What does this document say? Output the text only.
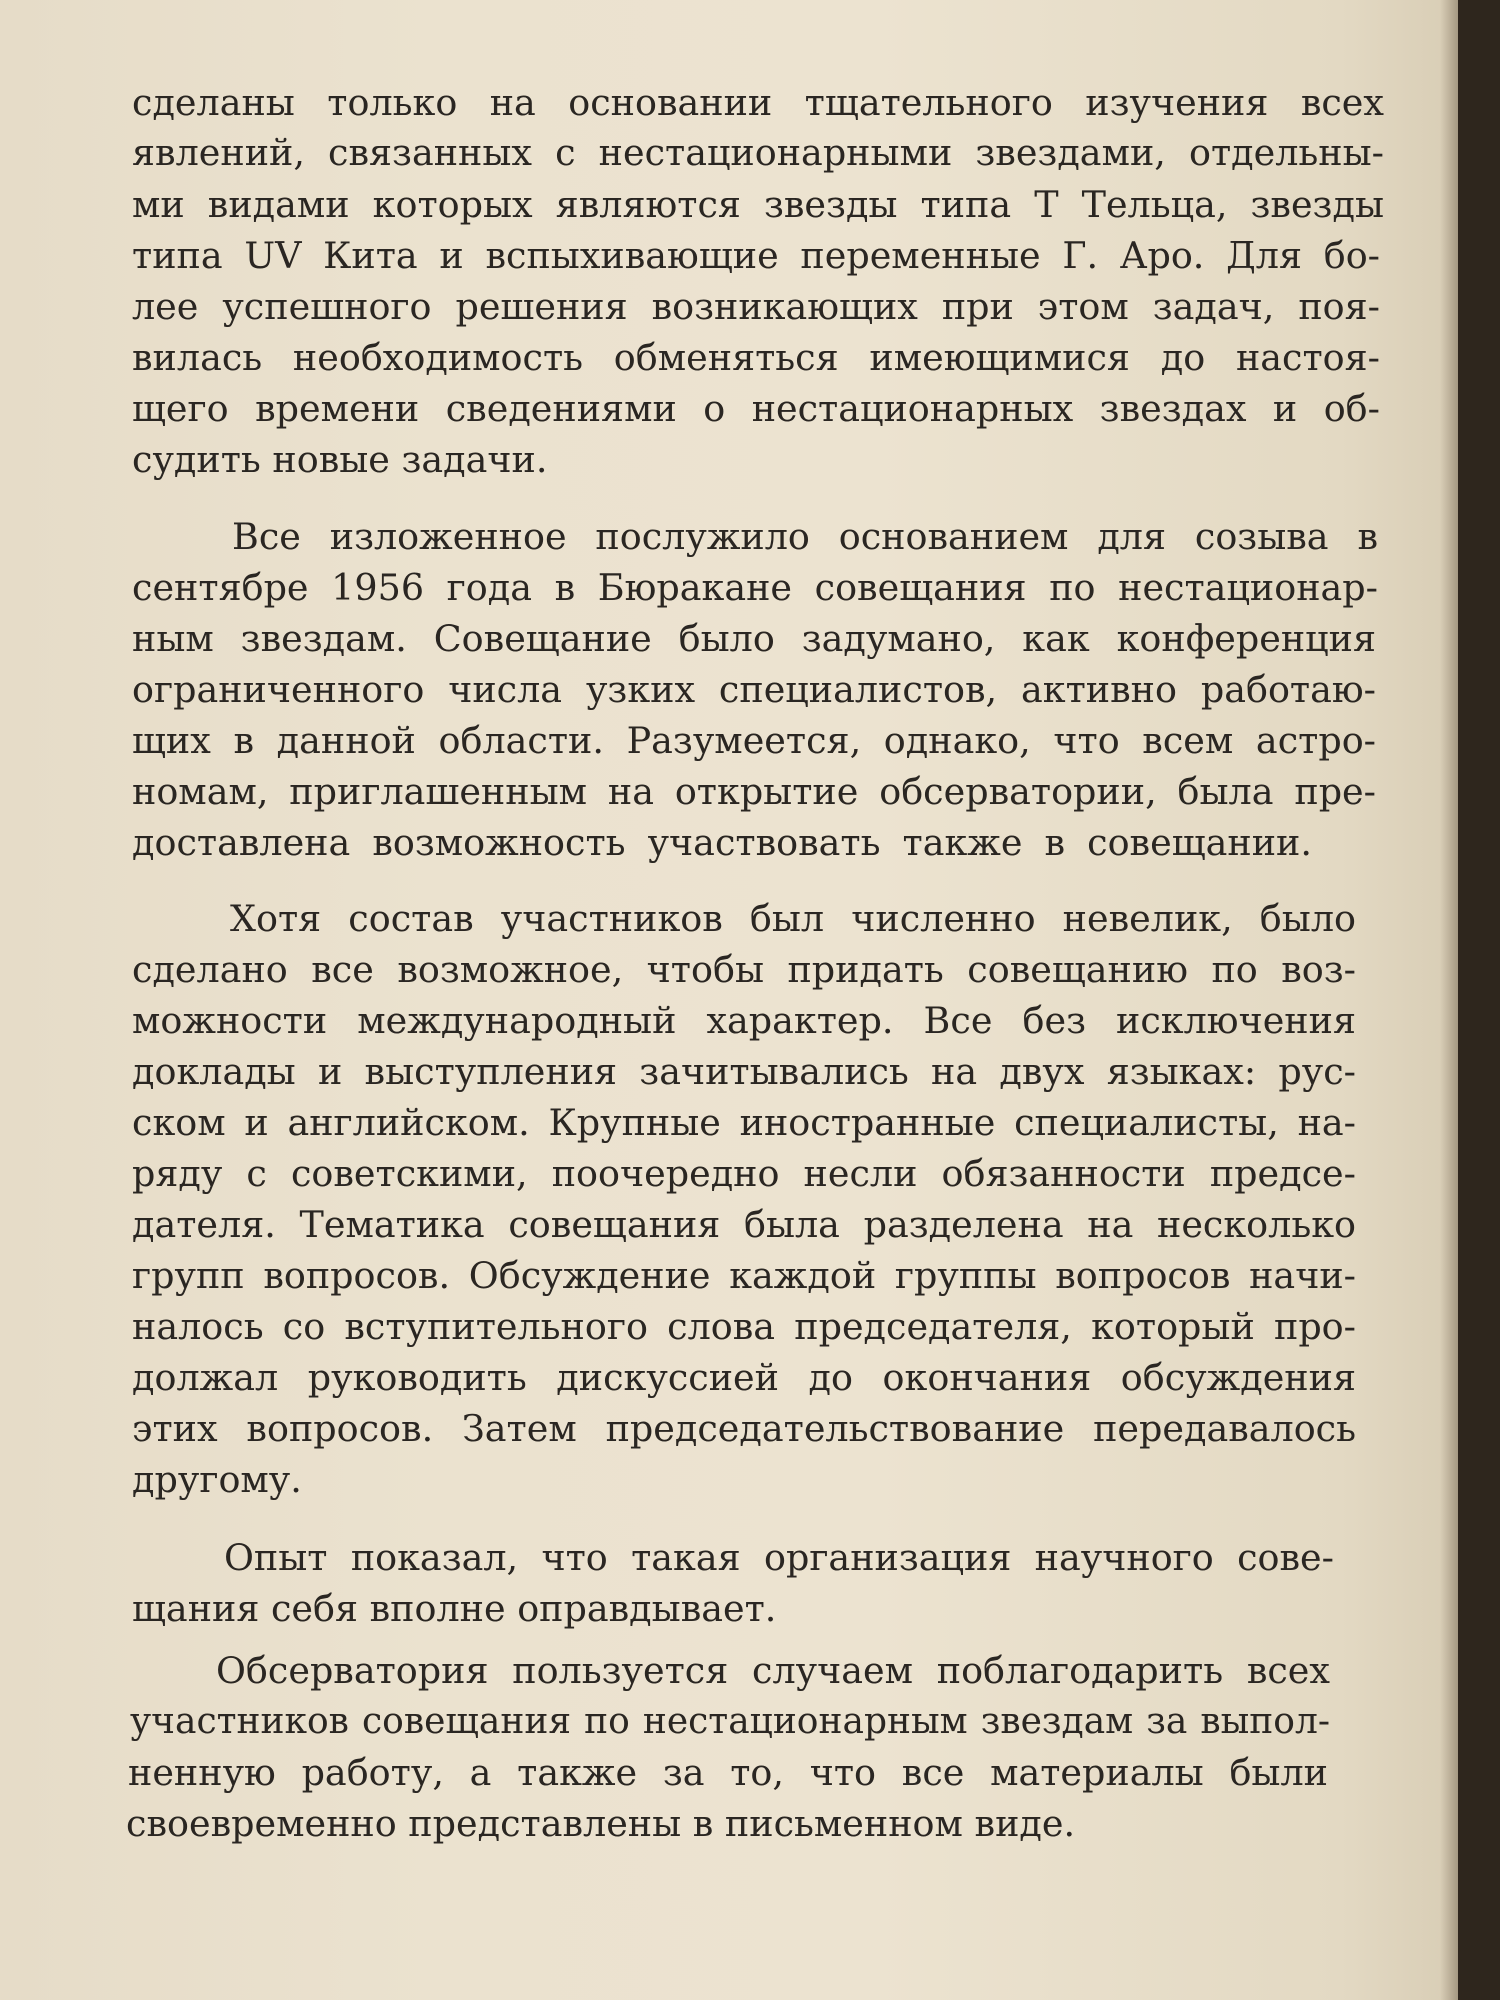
сделаны только на основании тщательного изучения всех
явлений, связанных с нестационарными звездами, отдельны-
ми видами которых являются звезды типа Т Тельца, звезды
типа UV Кита и вспыхивающие переменные Г. Аро. Для бо-
лее успешного решения возникающих при этом задач, поя-
вилась необходимость обменяться имеющимися до настоя-
щего времени сведениями о нестационарных звездах и об-
судить новые задачи.
Все изложенное послужило основанием для созыва в
сентябре 1956 года в Бюракане совещания по нестационар-
ным звездам. Совещание было задумано, как конференция
ограниченного числа узких специалистов, активно работаю-
щих в данной области. Разумеется, однако, что всем астро-
номам, приглашенным на открытие обсерватории, была пре-
доставлена возможность участвовать также в совещании.
Хотя состав участников был численно невелик, было
сделано все возможное, чтобы придать совещанию по воз-
можности международный характер. Все без исключения
доклады и выступления зачитывались на двух языках: рус-
ском и английском. Крупные иностранные специалисты, на-
ряду с советскими, поочередно несли обязанности предсе-
дателя. Тематика совещания была разделена на несколько
групп вопросов. Обсуждение каждой группы вопросов начи-
налось со вступительного слова председателя, который про-
должал руководить дискуссией до окончания обсуждения
этих вопросов. Затем председательствование передавалось
другому.
Опыт показал, что такая организация научного сове-
щания себя вполне оправдывает.
Обсерватория пользуется случаем поблагодарить всех
участников совещания по нестационарным звездам за выпол-
ненную работу, а также за то, что все материалы были
своевременно представлены в письменном виде.
